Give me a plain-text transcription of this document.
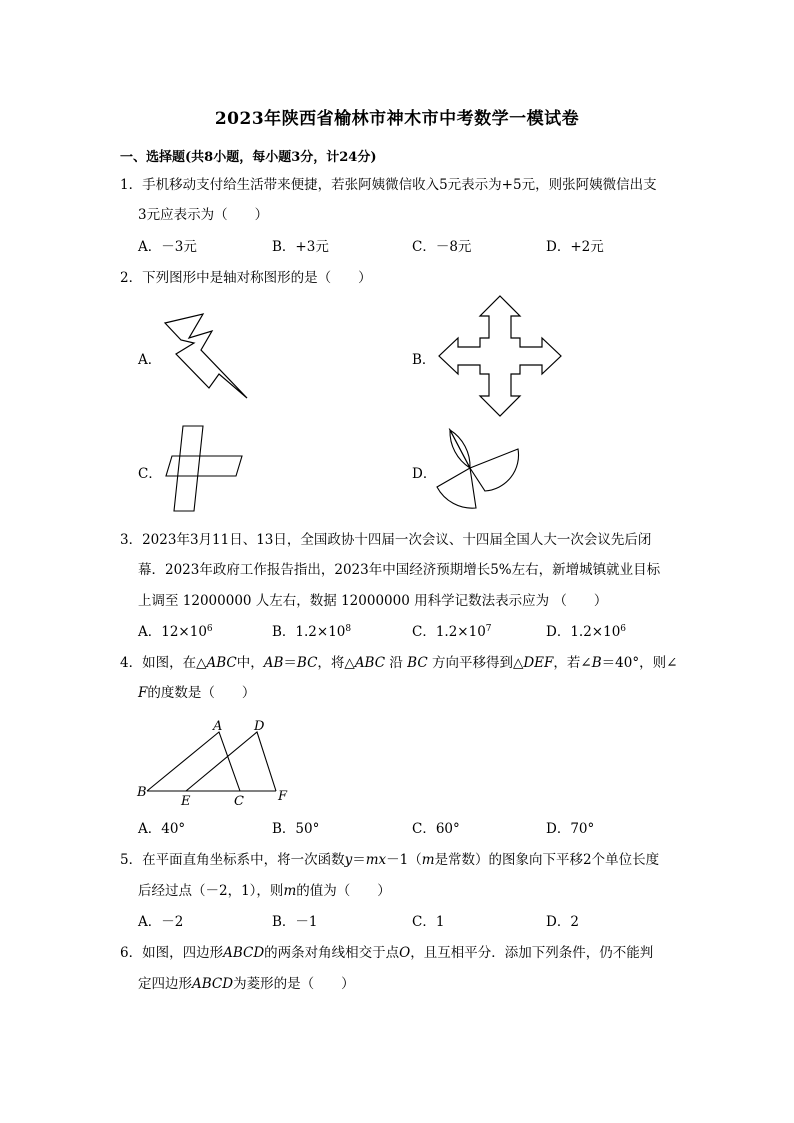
2023年陕西省榆林市神木市中考数学一模试卷
一、选择题(共8小题，每小题3分，计24分)
1．手机移动支付给生活带来便捷，若张阿姨微信收入5元表示为+5元，则张阿姨微信出支
3元应表示为（　　）
A．－3元	B．+3元	C．－8元	D．+2元
2．下列图形中是轴对称图形的是（　　）
A．	B．
C．	D．
3．2023年3月11日、13日，全国政协十四届一次会议、十四届全国人大一次会议先后闭
幕．2023年政府工作报告指出，2023年中国经济预期增长5%左右，新增城镇就业目标
上调至 12000000 人左右，数据 12000000 用科学记数法表示应为 （　　）
A．$12\times 10^6$	B．$1.2\times 10^8$	C．$1.2\times 10^7$	D．$1.2\times 10^6$
4．如图，在△ABC中，AB＝BC，将△ABC 沿 BC 方向平移得到△DEF，若∠B＝40°，则∠
F的度数是（　　）
A D
B
E	C	F
A．40°	B．50°	C．60°	D．70°
5．在平面直角坐标系中，将一次函数y＝mx－1（m是常数）的图象向下平移2个单位长度
后经过点（－2，1），则m的值为（　　）
A．－2	B．－1	C．1	D．2
6．如图，四边形ABCD的两条对角线相交于点O，且互相平分．添加下列条件，仍不能判
定四边形ABCD为菱形的是（　　）
